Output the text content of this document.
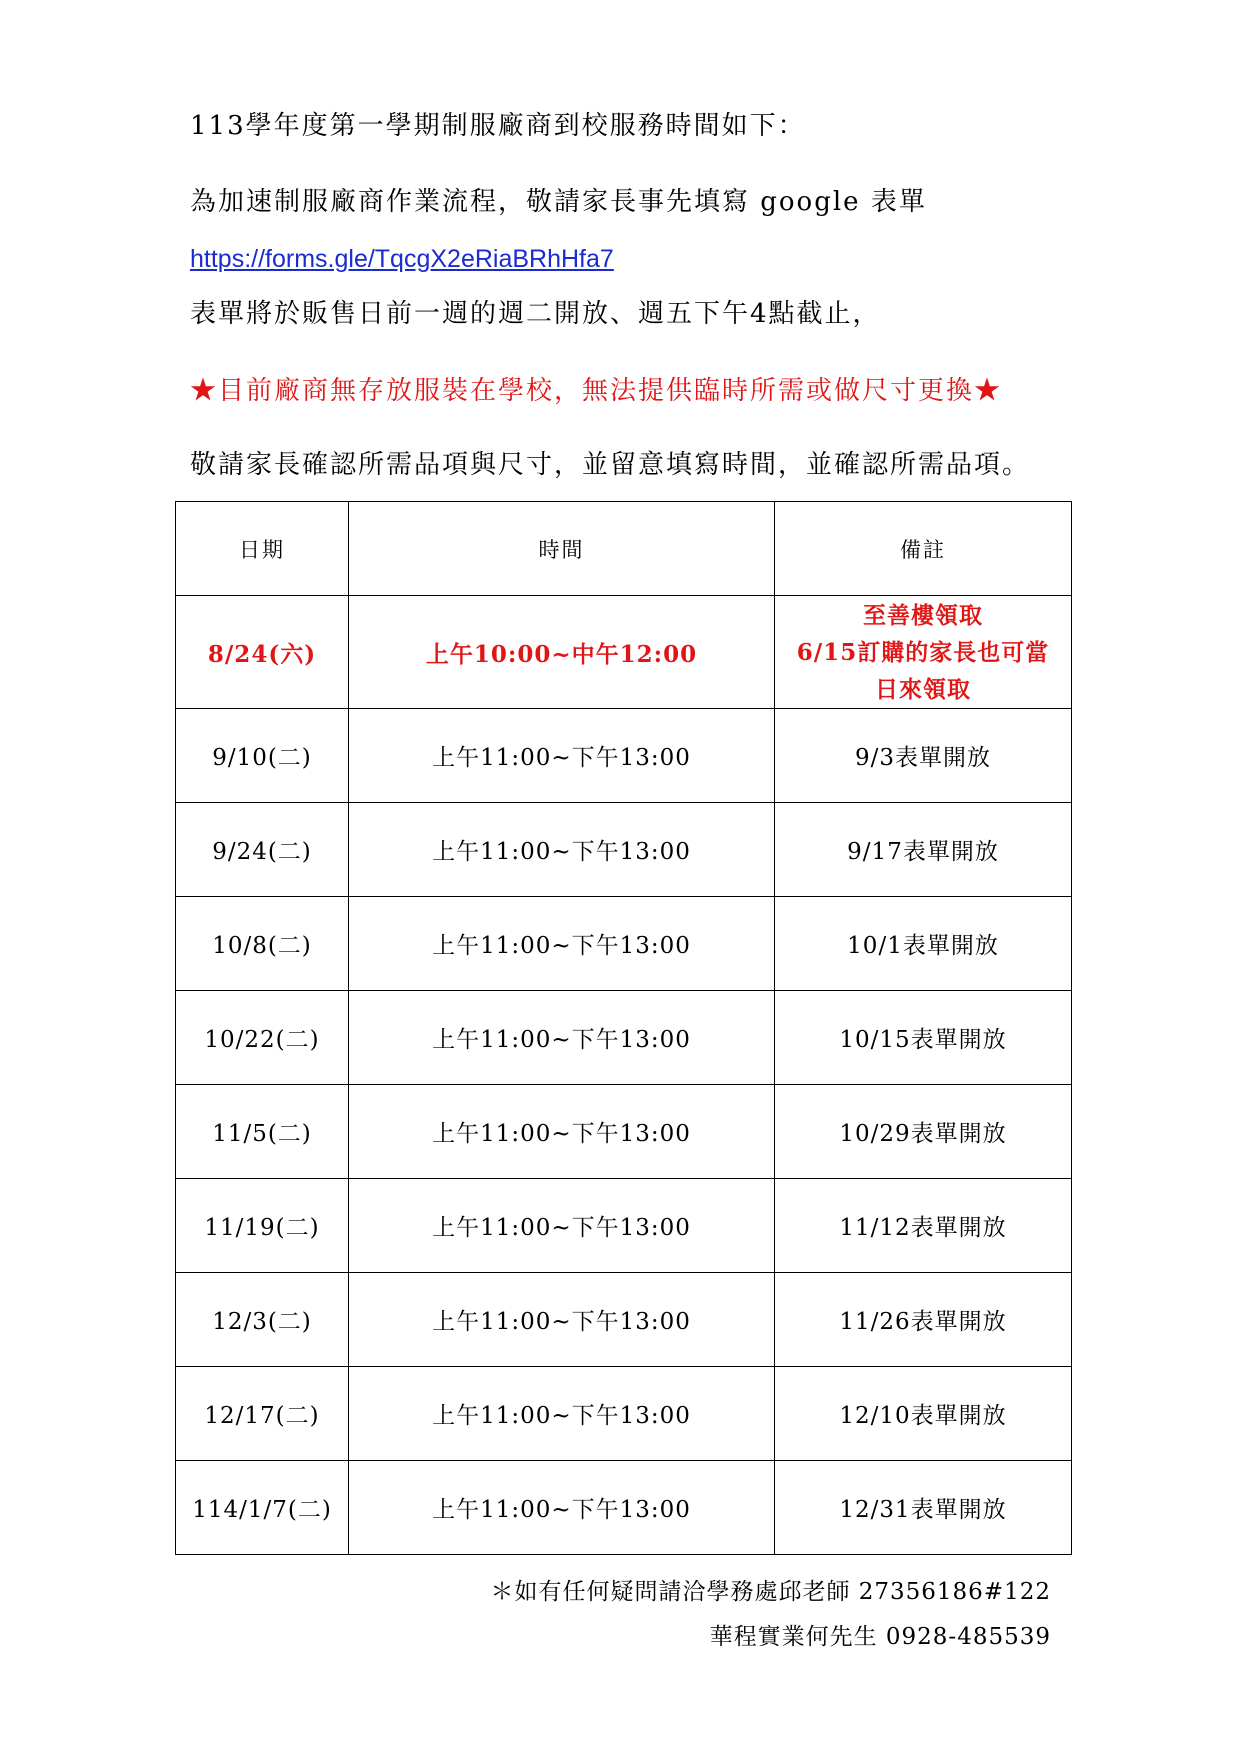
113學年度第一學期制服廠商到校服務時間如下：
為加速制服廠商作業流程，敬請家長事先填寫 google 表單
https://forms.gle/TqcgX2eRiaBRhHfa7
表單將於販售日前一週的週二開放、週五下午4點截止，
★目前廠商無存放服裝在學校，無法提供臨時所需或做尺寸更換★
敬請家長確認所需品項與尺寸，並留意填寫時間，並確認所需品項。
日期	時間	備註
8/24(六)	上午10:00~中午12:00	至善樓領取
6/15訂購的家長也可當
日來領取

9/10(二)	上午11:00~下午13:00	9/3表單開放
9/24(二)	上午11:00~下午13:00	9/17表單開放
10/8(二)	上午11:00~下午13:00	10/1表單開放
10/22(二)	上午11:00~下午13:00	10/15表單開放
11/5(二)	上午11:00~下午13:00	10/29表單開放
11/19(二)	上午11:00~下午13:00	11/12表單開放
12/3(二)	上午11:00~下午13:00	11/26表單開放
12/17(二)	上午11:00~下午13:00	12/10表單開放
114/1/7(二)	上午11:00~下午13:00	12/31表單開放
＊如有任何疑問請洽學務處邱老師 27356186#122
華程實業何先生 0928-485539
